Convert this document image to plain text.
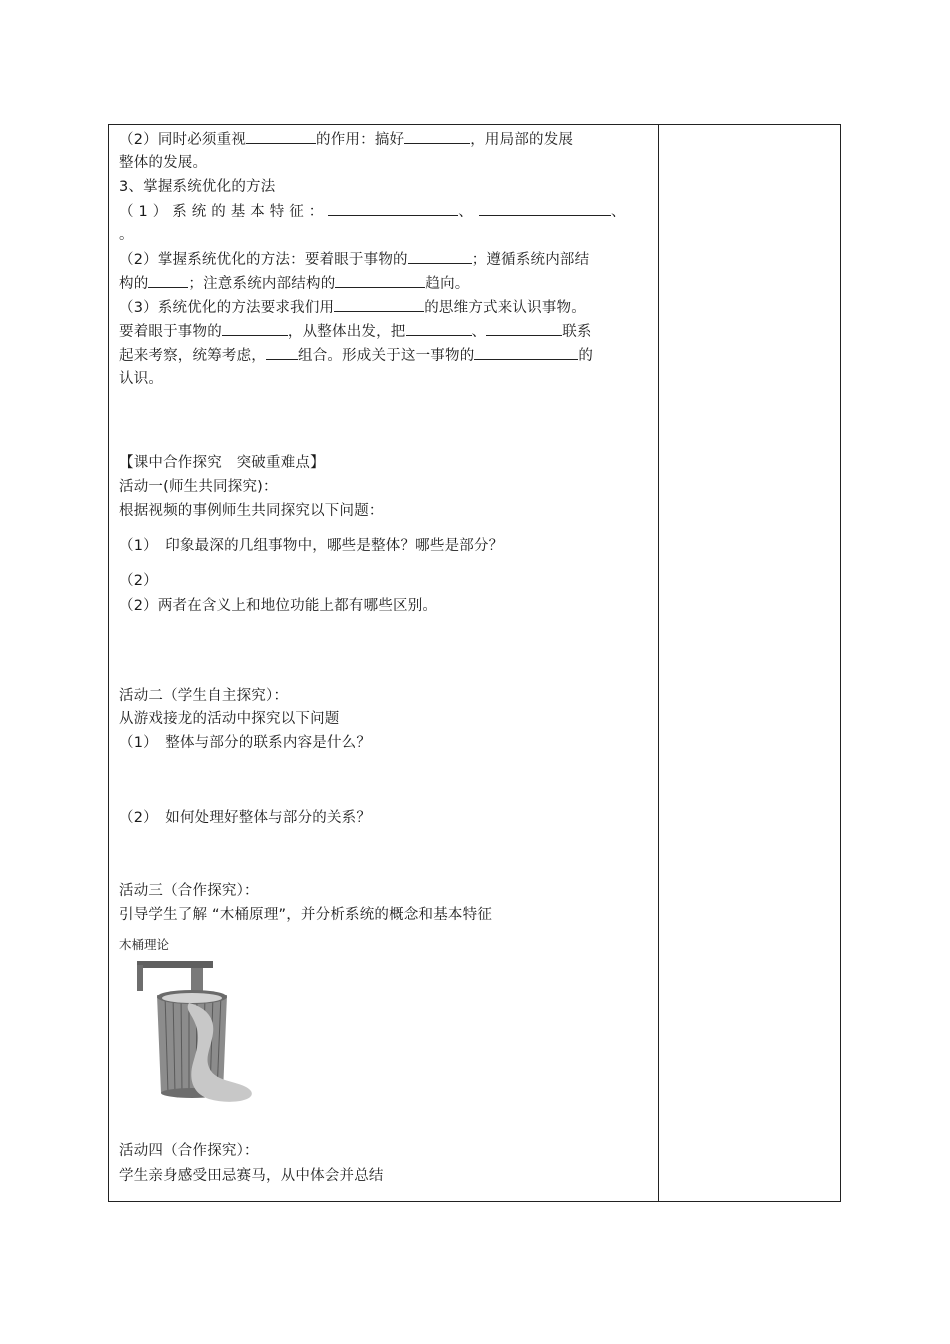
（2）同时必须重视	的作用：搞好	，用局部的发展
整体的发展。
3、掌握系统优化的方法
（1）系统的基本特征：	、	、
。
（2）掌握系统优化的方法：要着眼于事物的	；遵循系统内部结
构的	；注意系统内部结构的	趋向。
（3）系统优化的方法要求我们用	的思维方式来认识事物。
要着眼于事物的	，从整体出发，把	、	联系
起来考察，统筹考虑， 组合。形成关于这一事物的	的
认识。
【课中合作探究　突破重难点】
活动一(师生共同探究)：
根据视频的事例师生共同探究以下问题：
（1）　印象最深的几组事物中，哪些是整体？哪些是部分？
（2）
（2）两者在含义上和地位功能上都有哪些区别。
活动二（学生自主探究）：
从游戏接龙的活动中探究以下问题
（1）　整体与部分的联系内容是什么？
（2）　如何处理好整体与部分的关系？
活动三（合作探究）：
引导学生了解 “木桶原理”，并分析系统的概念和基本特征
木桶理论
活动四（合作探究）：
学生亲身感受田忌赛马，从中体会并总结
